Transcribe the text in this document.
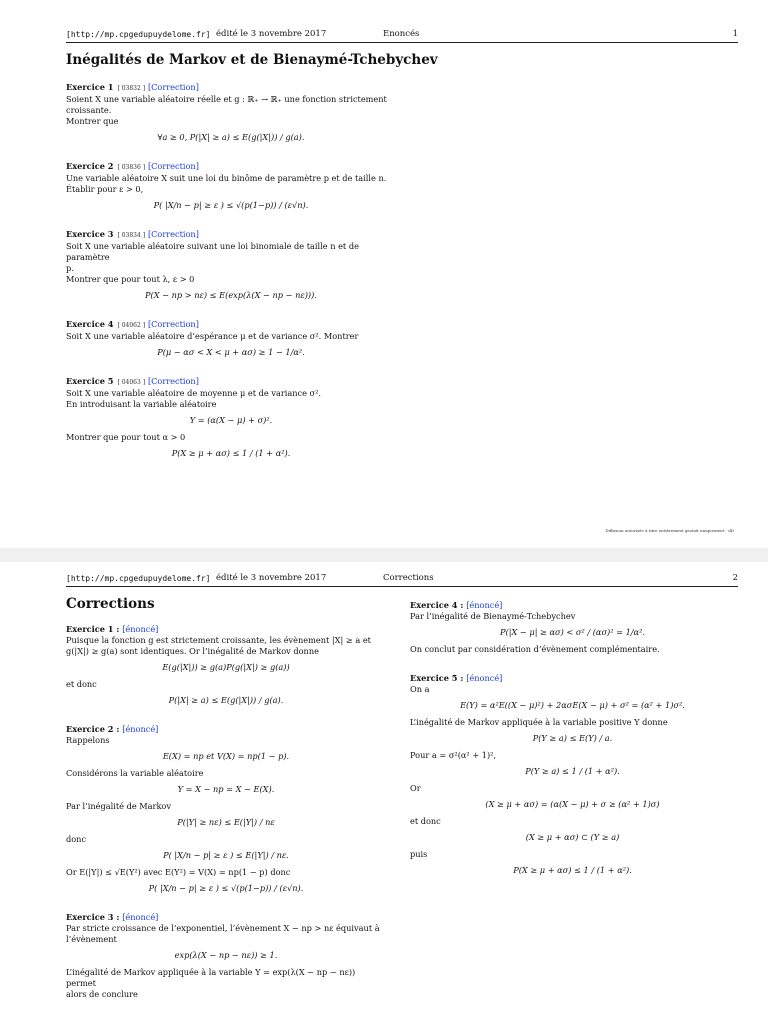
[http://mp.cpgedupuydelome.fr] édité le 3 novembre 2017	Enoncés	1
Inégalités de Markov et de Bienaymé-Tchebychev
Exercice 1 [ 03832 ] [Correction]
Soient X une variable aléatoire réelle et g : ℝ₊ → ℝ₊ une fonction strictement
croissante.
Montrer que
∀a ≥ 0, P(|X| ≥ a) ≤ E(g(|X|)) / g(a).
Exercice 2 [ 03836 ] [Correction]
Une variable aléatoire X suit une loi du binôme de paramètre p et de taille n.
Établir pour ε > 0,
P( |X/n − p| ≥ ε ) ≤ √(p(1−p)) / (ε√n).
Exercice 3 [ 03834 ] [Correction]
Soit X une variable aléatoire suivant une loi binomiale de taille n et de paramètre
p.
Montrer que pour tout λ, ε > 0
P(X − np > nε) ≤ E(exp(λ(X − np − nε))).
Exercice 4 [ 04062 ] [Correction]
Soit X une variable aléatoire d’espérance μ et de variance σ². Montrer
P(μ − ασ < X < μ + ασ) ≥ 1 − 1/α².
Exercice 5 [ 04063 ] [Correction]
Soit X une variable aléatoire de moyenne μ et de variance σ².
En introduisant la variable aléatoire
Y = (α(X − μ) + σ)².
Montrer que pour tout α > 0
P(X ≥ μ + ασ) ≤ 1 / (1 + α²).
Diffusion autorisée à titre entièrement gratuit uniquement - dD
[http://mp.cpgedupuydelome.fr] édité le 3 novembre 2017	Corrections	2
Corrections
Exercice 1 : [énoncé]
Puisque la fonction g est strictement croissante, les évènement |X| ≥ a et
g(|X|) ≥ g(a) sont identiques. Or l’inégalité de Markov donne
E(g(|X|)) ≥ g(a)P(g(|X|) ≥ g(a))
et donc
P(|X| ≥ a) ≤ E(g(|X|)) / g(a).
Exercice 2 : [énoncé]
Rappelons
E(X) = np et V(X) = np(1 − p).
Considérons la variable aléatoire
Y = X − np = X − E(X).
Par l’inégalité de Markov
P(|Y| ≥ nε) ≤ E(|Y|) / nε
donc
P( |X/n − p| ≥ ε ) ≤ E(|Y|) / nε.
Or E(|Y|) ≤ √E(Y²) avec E(Y²) = V(X) = np(1 − p) donc
P( |X/n − p| ≥ ε ) ≤ √(p(1−p)) / (ε√n).
Exercice 3 : [énoncé]
Par stricte croissance de l’exponentiel, l’évènement X − np > nε équivaut à
l’évènement
exp(λ(X − np − nε)) ≥ 1.
L’inégalité de Markov appliquée à la variable Y = exp(λ(X − np − nε)) permet
alors de conclure
Exercice 4 : [énoncé]
Par l’inégalité de Bienaymé-Tchebychev
P(|X − μ| ≥ ασ) < σ² / (ασ)² = 1/α².
On conclut par considération d’évènement complémentaire.
Exercice 5 : [énoncé]
On a
E(Y) = α²E((X − μ)²) + 2ασE(X − μ) + σ² = (α² + 1)σ².
L’inégalité de Markov appliquée à la variable positive Y donne
P(Y ≥ a) ≤ E(Y) / a.
Pour a = σ²(α² + 1)²,
P(Y ≥ a) ≤ 1 / (1 + α²).
Or
(X ≥ μ + ασ) = (α(X − μ) + σ ≥ (α² + 1)σ)
et donc
(X ≥ μ + ασ) ⊂ (Y ≥ a)
puis
P(X ≥ μ + ασ) ≤ 1 / (1 + α²).
